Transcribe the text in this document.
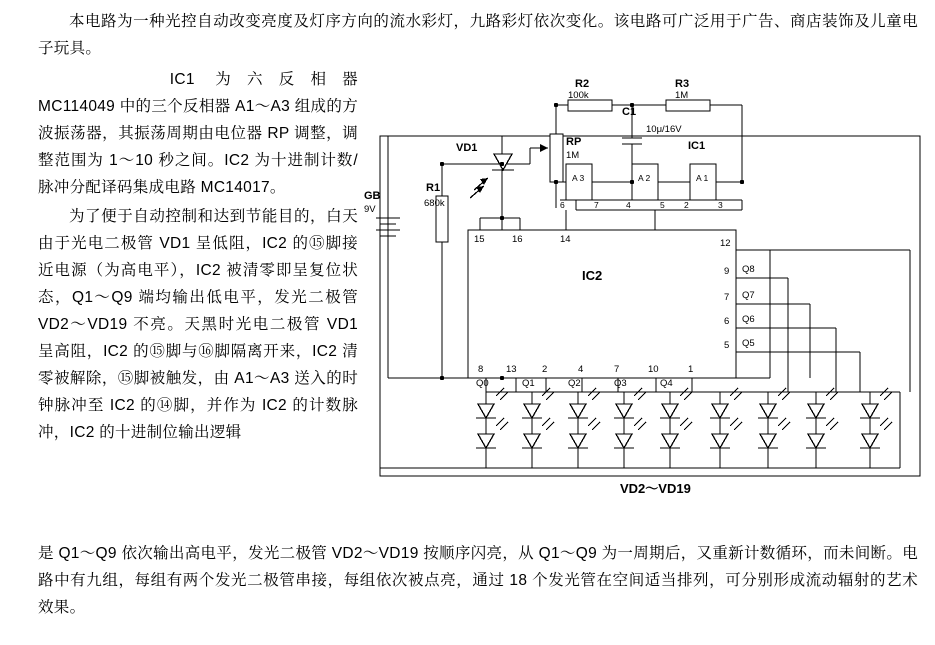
本电路为一种光控自动改变亮度及灯序方向的流水彩灯，九路彩灯依次变化。该电路可广泛用于广告、商店装饰及儿童电子玩具。
IC1 为六反相器 MC114049 中的三个反相器 A1～A3 组成的方波振荡器，其振荡周期由电位器 RP 调整，调整范围为 1～10 秒之间。IC2 为十进制计数/脉冲分配译码集成电路 MC14017。
为了便于自动控制和达到节能目的，白天由于光电二极管 VD1 呈低阻，IC2 的⑮脚接近电源（为高电平），IC2 被清零即呈复位状态，Q1～Q9 端均输出低电平，发光二极管 VD2～VD19 不亮。天黑时光电二极管 VD1 呈高阻，IC2 的⑮脚与⑯脚隔离开来，IC2 清零被解除，⑮脚被触发，由 A1～A3 送入的时钟脉冲至 IC2 的⑭脚，并作为 IC2 的计数脉冲，IC2 的十进制位输出逻辑
是 Q1～Q9 依次输出高电平，发光二极管 VD2～VD19 按顺序闪亮，从 Q1～Q9 为一周期后，又重新计数循环，而未间断。电路中有九组，每组有两个发光二极管串接，每组依次被点亮，通过 18 个发光管在空间适当排列，可分别形成流动辐射的艺术效果。
R2
100k
R3
1M
RP
1M
C1
10μ/16V
IC1
A 3	A 2	A 1
6	7	4	5 2	3
VD1
GB
9V
R1
680k
IC2
15	16	14
8 13	2	4	7	10	1
12
9
7
6
5
Q8
Q7
Q6
Q5
Q0	Q1	Q2	Q3	Q4
VD2～VD19
